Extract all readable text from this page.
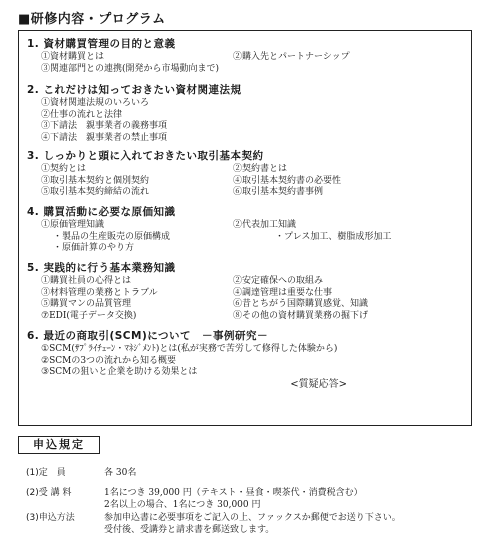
■研修内容・プログラム
1. 資材購買管理の目的と意義
①資材購買とは	②購入先とパートナーシップ
③関連部門との連携(開発から市場動向まで)
2. これだけは知っておきたい資材関連法規
①資材関連法規のいろいろ
②仕事の流れと法律
③下請法　親事業者の義務事項
④下請法　親事業者の禁止事項
3. しっかりと頭に入れておきたい取引基本契約
①契約とは	②契約書とは
③取引基本契約と個別契約	④取引基本契約書の必要性
⑤取引基本契約締結の流れ	⑥取引基本契約書事例
4. 購買活動に必要な原価知識
①原価管理知識	②代表加工知識
・製品の生産販売の原価構成	・プレス加工、樹脂成形加工
・原価計算のやり方
5. 実践的に行う基本業務知識
①購買社員の心得とは	②安定確保への取組み
③材料管理の業務とトラブル	④調達管理は重要な仕事
⑤購買マンの品質管理	⑥昔とちがう国際購買感覚、知識
⑦EDI(電子データ交換)	⑧その他の資材購買業務の掘下げ
6. 最近の商取引(SCM)について　－事例研究－
①SCM(ｻﾌﾟﾗｲﾁｪｰﾝ・ﾏﾈｼﾞﾒﾝﾄ)とは(私が実務で苦労して修得した体験から)
②SCMの3つの流れから知る概要
③SCMの狙いと企業を助ける効果とは
<質疑応答>
申込規定
(1)定　員	各 30名
(2)受 講 料	1名につき 39,000 円（テキスト・昼食・喫茶代・消費税含む）
2名以上の場合、1名につき 30,000 円
(3)申込方法	参加申込書に必要事項をご記入の上、ファックスか郵便でお送り下さい。
受付後、受講券と請求書を郵送致します。
